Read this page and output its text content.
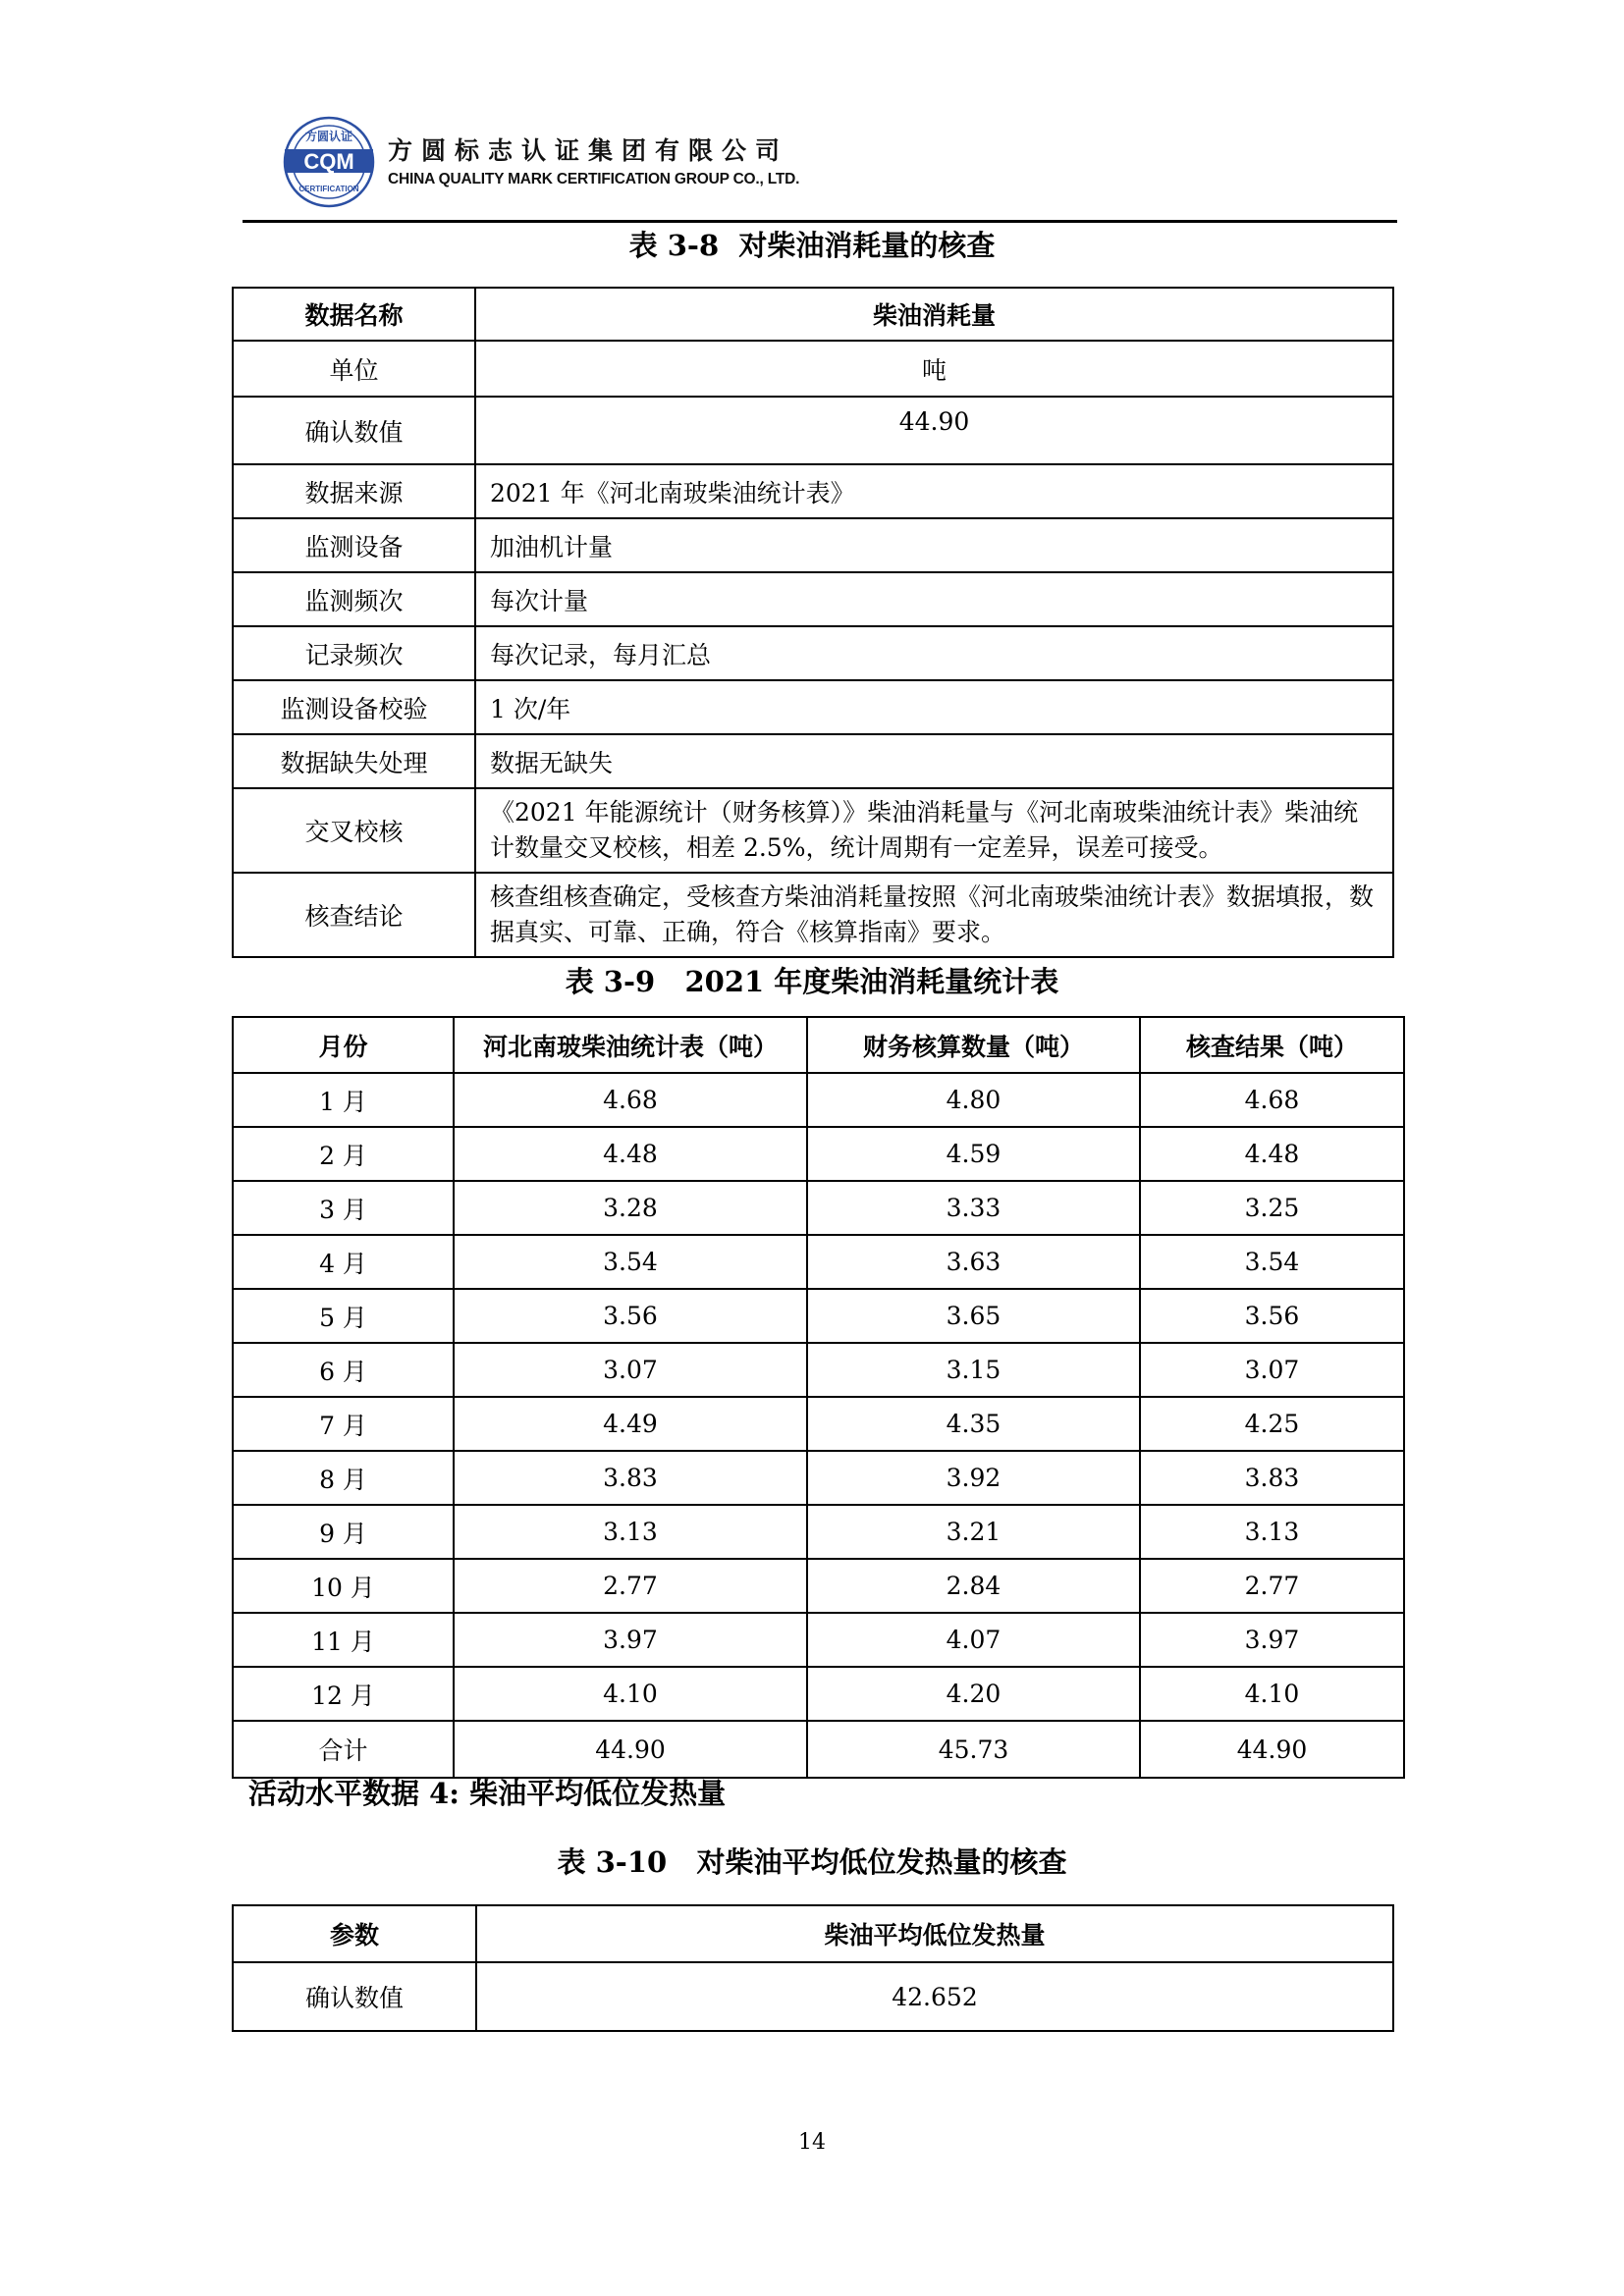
方圆认证
CQM
CERTIFICATION
方圆标志认证集团有限公司
CHINA QUALITY MARK CERTIFICATION GROUP CO., LTD.
表 3-8  对柴油消耗量的核查
数据名称	柴油消耗量
单位	吨
确认数值	44.90
数据来源	2021 年《河北南玻柴油统计表》
监测设备	加油机计量
监测频次	每次计量
记录频次	每次记录，每月汇总
监测设备校验	1 次/年
数据缺失处理	数据无缺失
交叉校核	《2021 年能源统计（财务核算）》柴油消耗量与《河北南玻柴油统计表》柴油统计数量交叉校核，相差 2.5%，统计周期有一定差异，误差可接受。
核查结论	核查组核查确定，受核查方柴油消耗量按照《河北南玻柴油统计表》数据填报，数据真实、可靠、正确，符合《核算指南》要求。
表 3-9   2021 年度柴油消耗量统计表
月份	河北南玻柴油统计表（吨）	财务核算数量（吨）	核查结果（吨）
1 月	4.68	4.80	4.68
2 月	4.48	4.59	4.48
3 月	3.28	3.33	3.25
4 月	3.54	3.63	3.54
5 月	3.56	3.65	3.56
6 月	3.07	3.15	3.07
7 月	4.49	4.35	4.25
8 月	3.83	3.92	3.83
9 月	3.13	3.21	3.13
10 月	2.77	2.84	2.77
11 月	3.97	4.07	3.97
12 月	4.10	4.20	4.10
合计	44.90	45.73	44.90
活动水平数据 4: 柴油平均低位发热量
表 3-10   对柴油平均低位发热量的核查
参数	柴油平均低位发热量
确认数值	42.652
14
